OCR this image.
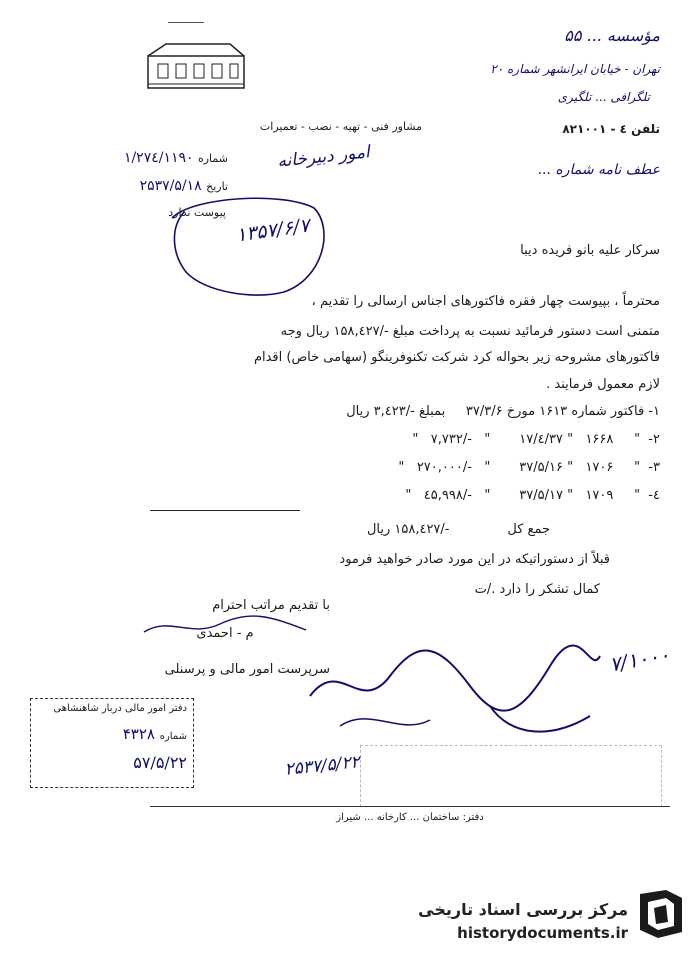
مؤسسه ... ۵۵
تهران - خیابان ایرانشهر شماره ۲۰
تلگرافی ... تلگیری
تلفن ٤ - ۸۲۱۰۰۱
مشاور فنی - تهیه - نصب - تعمیرات
شماره ۱/۲۷٤/۱۱۹۰
تاریخ ۲۵۳۷/۵/۱۸
پیوست ندارد
عطف نامه شماره ...
امور دبیرخانه
۱۳۵۷/۶/۷
سرکار علیه بانو فریده دیبا
محترماً ، بپیوست چهار فقره فاکتورهای اجناس ارسالی را تقدیم ،
متمنی است دستور فرمائید نسبت به پرداخت مبلغ -/۱۵۸,٤۲۷ ریال وجه
فاکتورهای مشروحه زیر بحواله کرد شرکت تکنوفرینگو (سهامی خاص) اقدام
لازم معمول فرمایند .
۱- فاکتور شماره ۱۶۱۳ مورخ ۳۷/۳/۶     بمبلغ -/۳,٤۲۳ ریال
۲-  "     ۱۶۶۸   " ۳۷/٤/۱۷       "   -/۷,۷۳۲   "
۳-  "     ۱۷۰۶   " ۳۷/۵/۱۶       "   -/۲۷۰,۰۰۰   "
٤-  "     ۱۷۰۹   " ۳۷/۵/۱۷       "   -/٤۵,۹۹۸   "
جمع کل              -/۱۵۸,٤۲۷ ریال
قبلاً از دستوراتیکه در این مورد صادر خواهید فرمود
کمال تشکر را دارد ./ت
با تقدیم مراتب احترام
م - احمدی
سرپرست امور مالی و پرسنلی	۷/۱۰۰۰
دفتر امور مالی دربار شاهنشاهی
شماره ۴۳۲۸
۵۷/۵/۲۲	۲۵۳۷/۵/۲۲
دفتر: ساختمان ... کارخانه ... شیراز
مرکز بررسی اسناد تاریخی
historydocuments.ir
